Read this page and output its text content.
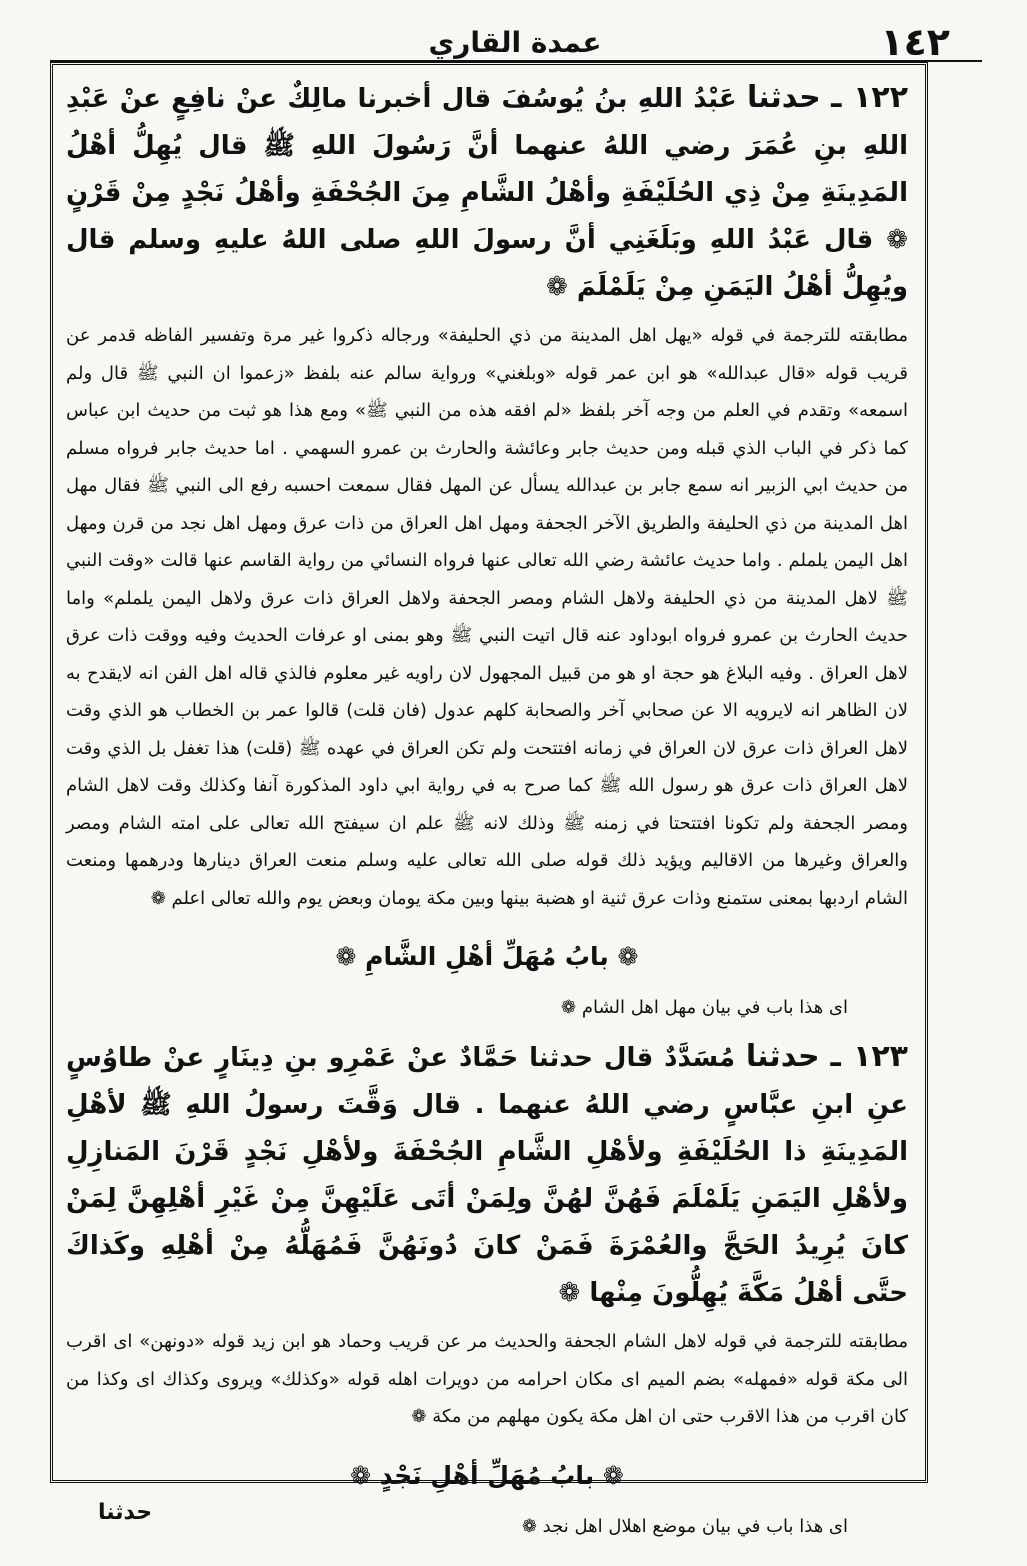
١٤٢
عمدة القاري

١٢٢ ـ حدثنا عَبْدُ اللهِ بنُ يُوسُفَ قال أخبرنا مالِكٌ عنْ نافِعٍ عنْ عَبْدِ اللهِ بنِ عُمَرَ رضي اللهُ عنهما أنَّ رَسُولَ اللهِ ﷺ قال يُهِلُّ أهْلُ المَدِينَةِ مِنْ ذِي الحُلَيْفَةِ وأهْلُ الشَّامِ مِنَ الجُحْفَةِ وأهْلُ نَجْدٍ مِنْ قَرْنٍ ❁ قال عَبْدُ اللهِ وبَلَغَنِي أنَّ رسولَ اللهِ صلى اللهُ عليهِ وسلم قال ويُهِلُّ أهْلُ اليَمَنِ مِنْ يَلَمْلَمَ ❁

مطابقته للترجمة في قوله «يهل اهل المدينة من ذي الحليفة» ورجاله ذكروا غير مرة وتفسير الفاظه قدمر عن قريب قوله «قال عبدالله» هو ابن عمر قوله «وبلغني» ورواية سالم عنه بلفظ «زعموا ان النبي ﷺ قال ولم اسمعه» وتقدم في العلم من وجه آخر بلفظ «لم افقه هذه من النبي ﷺ» ومع هذا هو ثبت من حديث ابن عباس كما ذكر في الباب الذي قبله ومن حديث جابر وعائشة والحارث بن عمرو السهمي . اما حديث جابر فرواه مسلم من حديث ابي الزبير انه سمع جابر بن عبدالله يسأل عن المهل فقال سمعت احسبه رفع الى النبي ﷺ فقال مهل اهل المدينة من ذي الحليفة والطريق الآخر الجحفة ومهل اهل العراق من ذات عرق ومهل اهل نجد من قرن ومهل اهل اليمن يلملم . واما حديث عائشة رضي الله تعالى عنها فرواه النسائي من رواية القاسم عنها قالت «وقت النبي ﷺ لاهل المدينة من ذي الحليفة ولاهل الشام ومصر الجحفة ولاهل العراق ذات عرق ولاهل اليمن يلملم» واما حديث الحارث بن عمرو فرواه ابوداود عنه قال اتيت النبي ﷺ وهو بمنى او عرفات الحديث وفيه ووقت ذات عرق لاهل العراق . وفيه البلاغ هو حجة او هو من قبيل المجهول لان راويه غير معلوم فالذي قاله اهل الفن انه لايقدح به لان الظاهر انه لايرويه الا عن صحابي آخر والصحابة كلهم عدول (فان قلت) قالوا عمر بن الخطاب هو الذي وقت لاهل العراق ذات عرق لان العراق في زمانه افتتحت ولم تكن العراق في عهده ﷺ (قلت) هذا تغفل بل الذي وقت لاهل العراق ذات عرق هو رسول الله ﷺ كما صرح به في رواية ابي داود المذكورة آنفا وكذلك وقت لاهل الشام ومصر الجحفة ولم تكونا افتتحتا في زمنه ﷺ وذلك لانه ﷺ علم ان سيفتح الله تعالى على امته الشام ومصر والعراق وغيرها من الاقاليم ويؤيد ذلك قوله صلى الله تعالى عليه وسلم منعت العراق دينارها ودرهمها ومنعت الشام اردبها بمعنى ستمنع وذات عرق ثنية او هضبة بينها وبين مكة يومان وبعض يوم والله تعالى اعلم ❁

❁ بابُ مُهَلِّ أهْلِ الشَّامِ ❁

اى هذا باب في بيان مهل اهل الشام ❁

١٢٣ ـ حدثنا مُسَدَّدٌ قال حدثنا حَمَّادٌ عنْ عَمْرِو بنِ دِينَارٍ عنْ طاوُسٍ عنِ ابنِ عبَّاسٍ رضي اللهُ عنهما . قال وَقَّتَ رسولُ اللهِ ﷺ لأهْلِ المَدِينَةِ ذا الحُلَيْفَةِ ولأهْلِ الشَّامِ الجُحْفَةَ ولأهْلِ نَجْدٍ قَرْنَ المَنازِلِ ولأهْلِ اليَمَنِ يَلَمْلَمَ فَهُنَّ لهُنَّ ولِمَنْ أتَى عَلَيْهِنَّ مِنْ غَيْرِ أهْلِهِنَّ لِمَنْ كانَ يُرِيدُ الحَجَّ والعُمْرَةَ فَمَنْ كانَ دُونَهُنَّ فَمُهَلُّهُ مِنْ أهْلِهِ وكَذاكَ حتَّى أهْلُ مَكَّةَ يُهِلُّونَ مِنْها ❁

مطابقته للترجمة في قوله لاهل الشام الجحفة والحديث مر عن قريب وحماد هو ابن زيد قوله «دونهن» اى اقرب الى مكة قوله «فمهله» بضم الميم اى مكان احرامه من دويرات اهله قوله «وكذلك» ويروى وكذاك اى وكذا من كان اقرب من هذا الاقرب حتى ان اهل مكة يكون مهلهم من مكة ❁

❁ بابُ مُهَلِّ أهْلِ نَجْدٍ ❁

اى هذا باب في بيان موضع اهلال اهل نجد ❁

حدثنا
